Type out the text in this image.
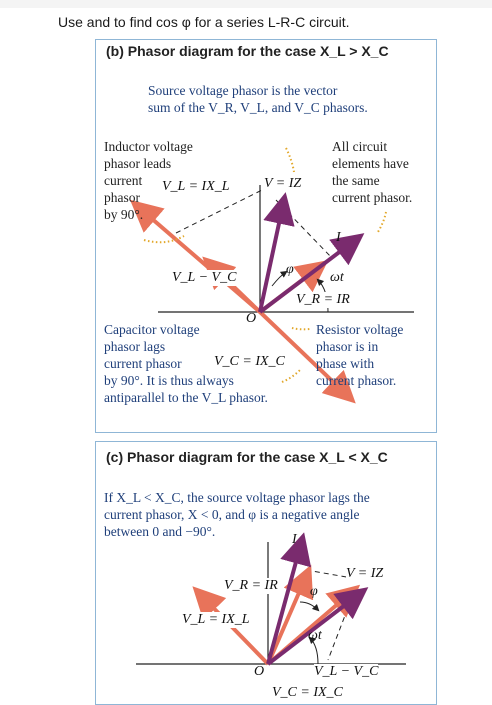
Use and to find cos φ for a series L-R-C circuit.
(b) Phasor diagram for the case X_L > X_C
Source voltage phasor is the vector
sum of the V_R, V_L, and V_C phasors.
Inductor voltage
phasor leads
current
phasor
by 90°.
All circuit
elements have
the same
current phasor.
V_L = IX_L V = IZ
I
φ
ωt
V_L − V_C
V_R = IR
O
Capacitor voltage
phasor lags
current phasor
by 90°. It is thus always
antiparallel to the V_L phasor.
V_C = IX_C
Resistor voltage
phasor is in
phase with
current phasor.
(c) Phasor diagram for the case X_L < X_C
If X_L < X_C, the source voltage phasor lags the
current phasor, X < 0, and φ is a negative angle
between 0 and −90°.
I
V_R = IR
V = IZ
φ
V_L = IX_L
ωt
O	V_L − V_C
V_C = IX_C
